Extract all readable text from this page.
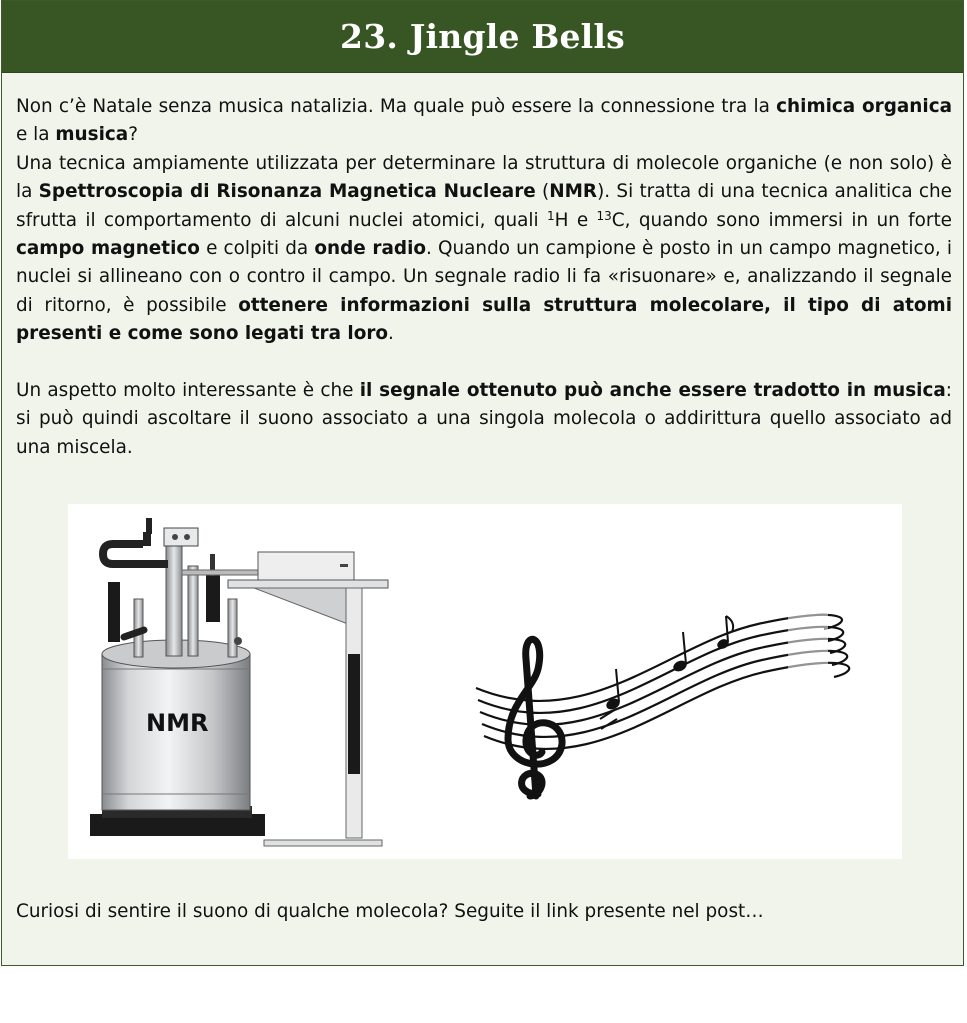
23. Jingle Bells

Non c’è Natale senza musica natalizia. Ma quale può essere la connessione tra la chimica organica e la musica?
Una tecnica ampiamente utilizzata per determinare la struttura di molecole organiche (e non solo) è la Spettroscopia di Risonanza Magnetica Nucleare (NMR). Si tratta di una tecnica analitica che sfrutta il comportamento di alcuni nuclei atomici, quali $^1$H e $^{13}$C, quando sono immersi in un forte campo magnetico e colpiti da onde radio. Quando un campione è posto in un campo magnetico, i nuclei si allineano con o contro il campo. Un segnale radio li fa «risuonare» e, analizzando il segnale di ritorno, è possibile ottenere informazioni sulla struttura molecolare, il tipo di atomi presenti e come sono legati tra loro.

Un aspetto molto interessante è che il segnale ottenuto può anche essere tradotto in musica: si può quindi ascoltare il suono associato a una singola molecola o addirittura quello associato ad una miscela.

NMR

Curiosi di sentire il suono di qualche molecola? Seguite il link presente nel post…
